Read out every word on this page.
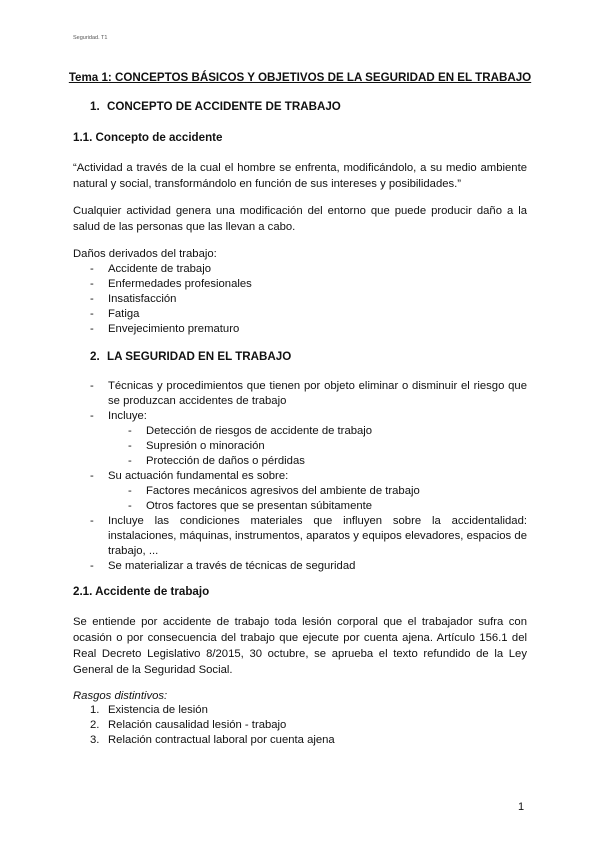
Seguridad. T1
Tema 1: CONCEPTOS BÁSICOS Y OBJETIVOS DE LA SEGURIDAD EN EL TRABAJO
1. CONCEPTO DE ACCIDENTE DE TRABAJO
1.1. Concepto de accidente
“Actividad a través de la cual el hombre se enfrenta, modificándolo, a su medio ambiente natural y social, transformándolo en función de sus intereses y posibilidades.”
Cualquier actividad genera una modificación del entorno que puede producir daño a la salud de las personas que las llevan a cabo.
Daños derivados del trabajo:
- Accidente de trabajo
- Enfermedades profesionales
- Insatisfacción
- Fatiga
- Envejecimiento prematuro
2. LA SEGURIDAD EN EL TRABAJO
- Técnicas y procedimientos que tienen por objeto eliminar o disminuir el riesgo que se produzcan accidentes de trabajo
- Incluye:
- Detección de riesgos de accidente de trabajo
- Supresión o minoración
- Protección de daños o pérdidas
- Su actuación fundamental es sobre:
- Factores mecánicos agresivos del ambiente de trabajo
- Otros factores que se presentan súbitamente
- Incluye las condiciones materiales que influyen sobre la accidentalidad: instalaciones, máquinas, instrumentos, aparatos y equipos elevadores, espacios de trabajo, ...
- Se materializar a través de técnicas de seguridad
2.1. Accidente de trabajo
Se entiende por accidente de trabajo toda lesión corporal que el trabajador sufra con ocasión o por consecuencia del trabajo que ejecute por cuenta ajena. Artículo 156.1 del Real Decreto Legislativo 8/2015, 30 octubre, se aprueba el texto refundido de la Ley General de la Seguridad Social.
Rasgos distintivos:
1. Existencia de lesión
2. Relación causalidad lesión - trabajo
3. Relación contractual laboral por cuenta ajena
1
